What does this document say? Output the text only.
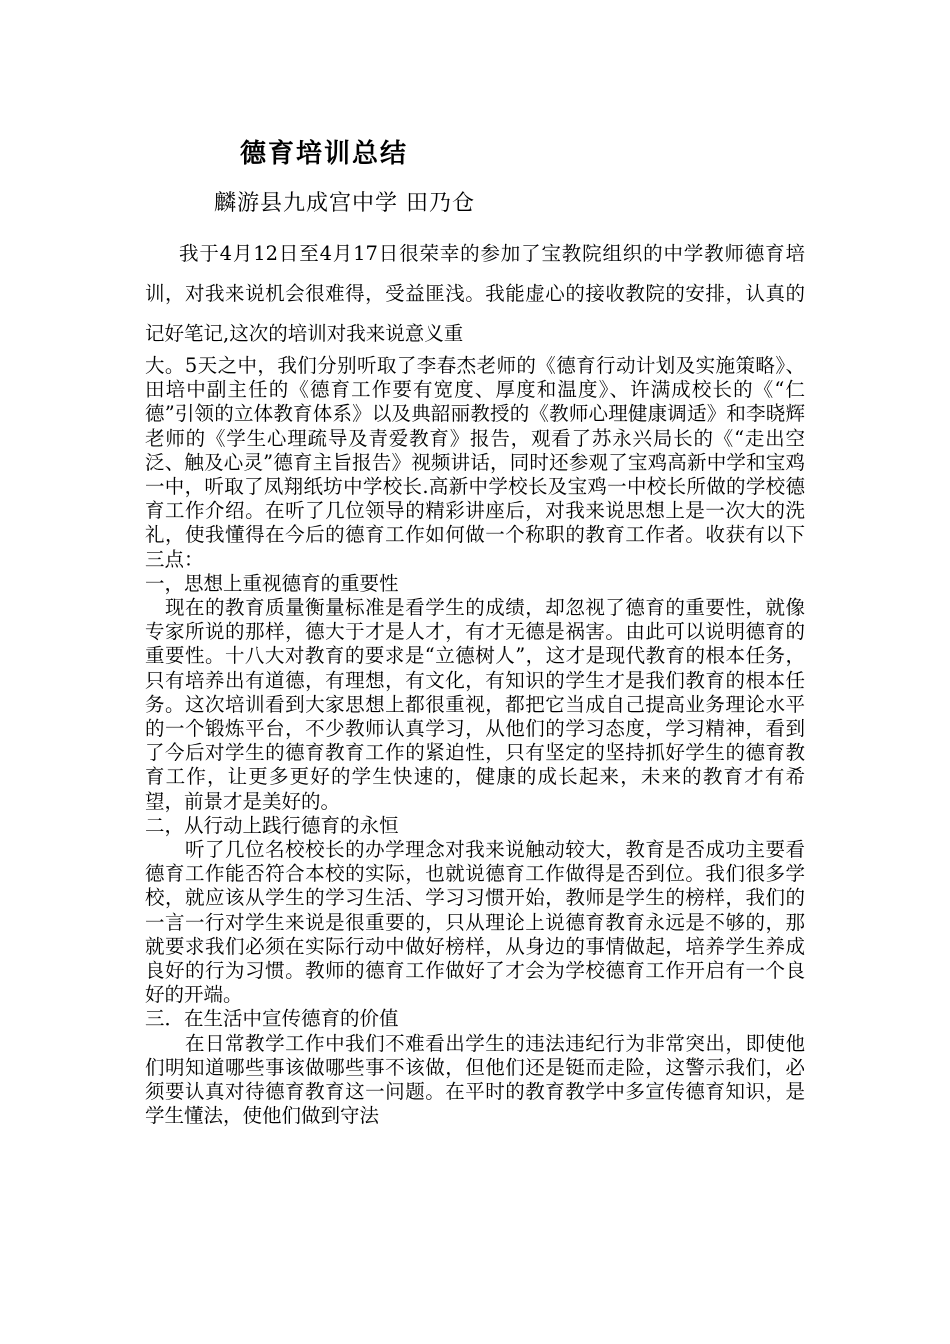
德育培训总结
麟游县九成宫中学 田乃仓

我于4月12日至4月17日很荣幸的参加了宝教院组织的中学教师德育培训，对我来说机会很难得，受益匪浅。我能虚心的接收教院的安排，认真的记好笔记,这次的培训对我来说意义重

大。5天之中，我们分别听取了李春杰老师的《德育行动计划及实施策略》、田培中副主任的《德育工作要有宽度、厚度和温度》、许满成校长的《“仁德”引领的立体教育体系》以及典韶丽教授的《教师心理健康调适》和李晓辉老师的《学生心理疏导及青爱教育》报告，观看了苏永兴局长的《“走出空泛、触及心灵”德育主旨报告》视频讲话，同时还参观了宝鸡高新中学和宝鸡一中，听取了凤翔纸坊中学校长.高新中学校长及宝鸡一中校长所做的学校德育工作介绍。在听了几位领导的精彩讲座后，对我来说思想上是一次大的洗礼，使我懂得在今后的德育工作如何做一个称职的教育工作者。收获有以下三点：

一，思想上重视德育的重要性

现在的教育质量衡量标准是看学生的成绩，却忽视了德育的重要性，就像专家所说的那样，德大于才是人才，有才无德是祸害。由此可以说明德育的重要性。十八大对教育的要求是“立德树人”，这才是现代教育的根本任务，只有培养出有道德，有理想，有文化，有知识的学生才是我们教育的根本任务。这次培训看到大家思想上都很重视，都把它当成自己提高业务理论水平的一个锻炼平台，不少教师认真学习，从他们的学习态度，学习精神，看到了今后对学生的德育教育工作的紧迫性，只有坚定的坚持抓好学生的德育教育工作，让更多更好的学生快速的，健康的成长起来，未来的教育才有希望，前景才是美好的。

二，从行动上践行德育的永恒

听了几位名校校长的办学理念对我来说触动较大，教育是否成功主要看德育工作能否符合本校的实际，也就说德育工作做得是否到位。我们很多学校，就应该从学生的学习生活、学习习惯开始，教师是学生的榜样，我们的一言一行对学生来说是很重要的，只从理论上说德育教育永远是不够的，那就要求我们必须在实际行动中做好榜样，从身边的事情做起，培养学生养成良好的行为习惯。教师的德育工作做好了才会为学校德育工作开启有一个良好的开端。

三．在生活中宣传德育的价值

在日常教学工作中我们不难看出学生的违法违纪行为非常突出，即使他们明知道哪些事该做哪些事不该做，但他们还是铤而走险，这警示我们，必须要认真对待德育教育这一问题。在平时的教育教学中多宣传德育知识，是学生懂法，使他们做到守法
